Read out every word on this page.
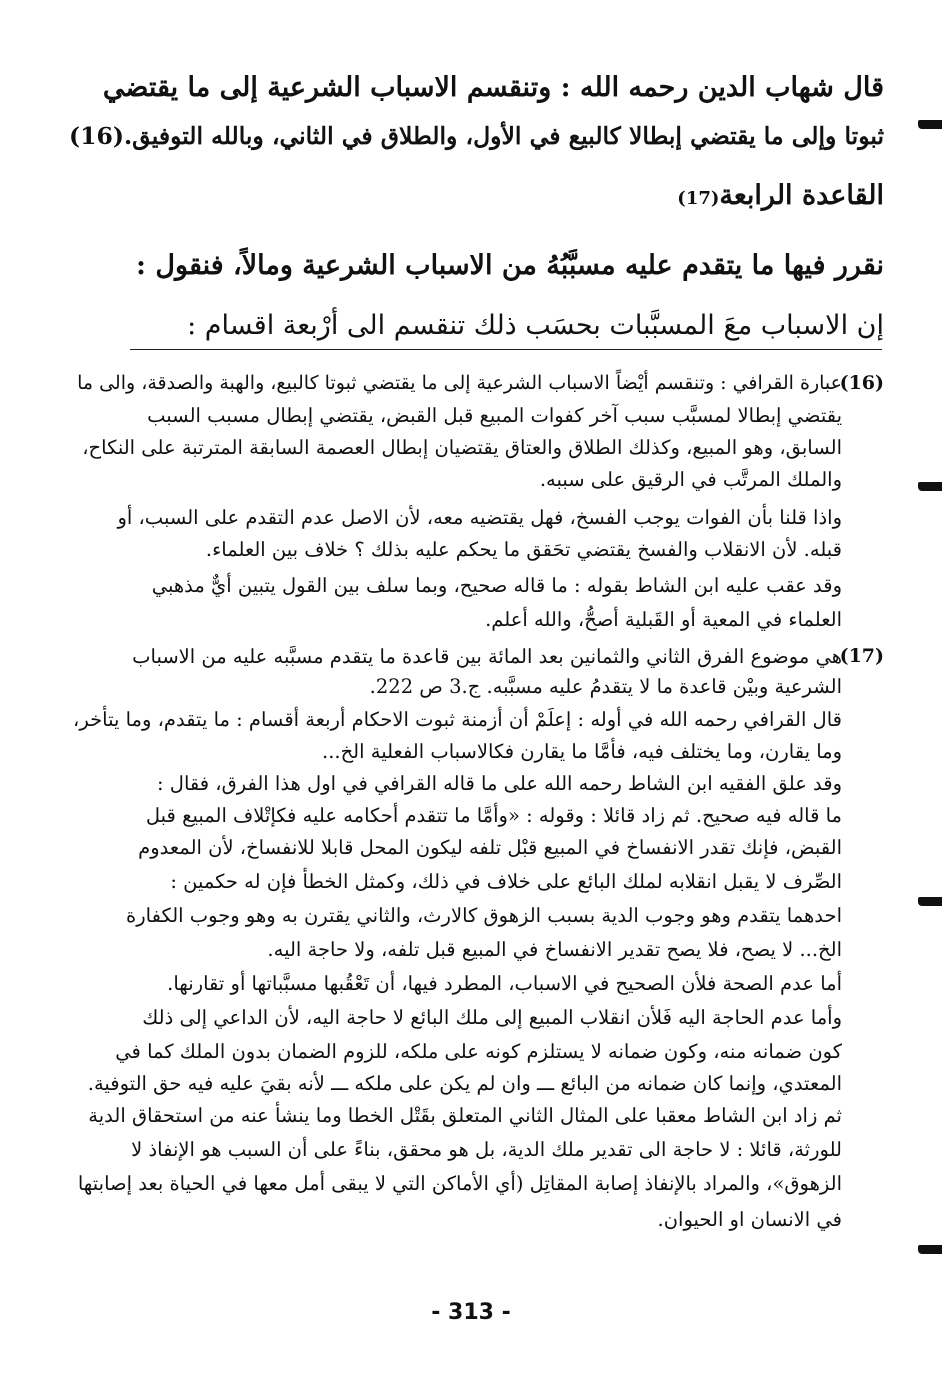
قال شهاب الدين رحمه الله : وتنقسم الاسباب الشرعية إلى ما يقتضي
ثبوتا وإلى ما يقتضي إبطالا كالبيع في الأول، والطلاق في الثاني، وبالله التوفيق.(16)
القاعدة الرابعة(17)
نقرر فيها ما يتقدم عليه مسبَّبُهُ من الاسباب الشرعية ومالاً، فنقول :
إن الاسباب معَ المسبَّبات بحسَب ذلك تنقسم الى أرْبعة اقسام :
(16)
عبارة القرافي : وتنقسم أيْضاً الاسباب الشرعية إلى ما يقتضي ثبوتا كالبيع، والهبة والصدقة، والى ما
يقتضي إبطالا لمسبَّب سبب آخر كفوات المبيع قبل القبض، يقتضي إبطال مسبب السبب
السابق، وهو المبيع، وكذلك الطلاق والعتاق يقتضيان إبطال العصمة السابقة المترتبة على النكاح،
والملك المرتَّب في الرقيق على سببه.
واذا قلنا بأن الفوات يوجب الفسخ، فهل يقتضيه معه، لأن الاصل عدم التقدم على السبب، أو
قبله. لأن الانقلاب والفسخ يقتضي تحَقق ما يحكم عليه بذلك ؟ خلاف بين العلماء.
وقد عقب عليه ابن الشاط بقوله : ما قاله صحيح، وبما سلف بين القول يتبين أيٌّ مذهبي
العلماء في المعية أو القَبلية أصحُّ، والله أعلم.
(17)
هي موضوع الفرق الثاني والثمانين بعد المائة بين قاعدة ما يتقدم مسبَّبه عليه من الاسباب
الشرعية وبيْن قاعدة ما لا يتقدمُ عليه مسبَّبه. ج.3 ص 222.
قال القرافي رحمه الله في أوله : إعلَمْ أن أزمنة ثبوت الاحكام أربعة أقسام : ما يتقدم، وما يتأخر،
وما يقارن، وما يختلف فيه، فأمَّا ما يقارن فكالاسباب الفعلية الخ...
وقد علق الفقيه ابن الشاط رحمه الله على ما قاله القرافي في اول هذا الفرق، فقال :
ما قاله فيه صحيح. ثم زاد قائلا : وقوله : «وأمَّا ما تتقدم أحكامه عليه فكإتْلاف المبيع قبل
القبض، فإنك تقدر الانفساخ في المبيع قبْل تلفه ليكون المحل قابلا للانفساخ، لأن المعدوم
الصِّرف لا يقبل انقلابه لملك البائع على خلاف في ذلك، وكمثل الخطأ فإن له حكمين :
احدهما يتقدم وهو وجوب الدية بسبب الزهوق كالارث، والثاني يقترن به وهو وجوب الكفارة
الخ... لا يصح، فلا يصح تقدير الانفساخ في المبيع قبل تلفه، ولا حاجة اليه.
أما عدم الصحة فلأن الصحيح في الاسباب، المطرد فيها، أن تَعْقُبها مسبَّباتها أو تقارنها.
وأما عدم الحاجة اليه فَلأن انقلاب المبيع إلى ملك البائع لا حاجة اليه، لأن الداعي إلى ذلك
كون ضمانه منه، وكون ضمانه لا يستلزم كونه على ملكه، للزوم الضمان بدون الملك كما في
المعتدي، وإنما كان ضمانه من البائع ـــ وان لم يكن على ملكه ـــ لأنه بقيَ عليه فيه حق التوفية.
ثم زاد ابن الشاط معقبا على المثال الثاني المتعلق بقَتْل الخطا وما ينشأ عنه من استحقاق الدية
للورثة، قائلا : لا حاجة الى تقدير ملك الدية، بل هو محقق، بناءً على أن السبب هو الإنفاذ لا
الزهوق»، والمراد بالإنفاذ إصابة المقاتِل (أي الأماكن التي لا يبقى أمل معها في الحياة بعد إصابتها
في الانسان او الحيوان.
- 313 -
